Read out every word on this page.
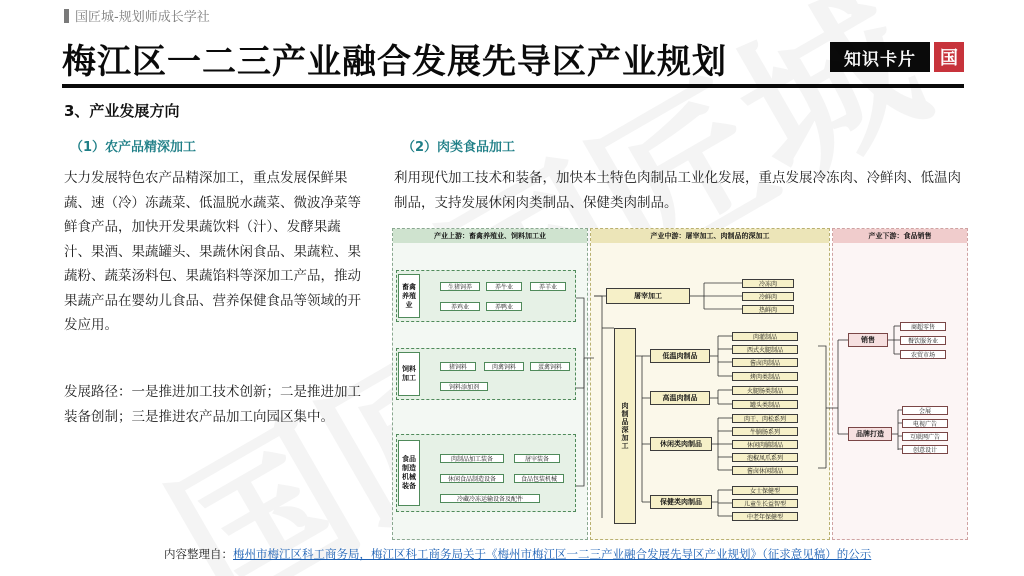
国匠城-规划师成长学社
梅江区一二三产业融合发展先导区产业规划	知识卡片	国
3、产业发展方向
（1）农产品精深加工	（2）肉类食品加工
大力发展特色农产品精深加工，重点发展保鲜果蔬、速（冷）冻蔬菜、低温脱水蔬菜、微波净菜等鲜食产品，加快开发果蔬饮料（汁）、发酵果蔬汁、果酒、果蔬罐头、果蔬休闲食品、果蔬粒、果蔬粉、蔬菜汤料包、果蔬馅料等深加工产品，推动果蔬产品在婴幼儿食品、营养保健食品等领域的开发应用。
发展路径：一是推进加工技术创新；二是推进加工装备创制；三是推进农产品加工向园区集中。
利用现代加工技术和装备，加快本土特色肉制品工业化发展，重点发展冷冻肉、冷鲜肉、低温肉制品，支持发展休闲肉类制品、保健类肉制品。
产业上游：畜禽养殖业、饲料加工业	产业中游：屠宰加工、肉制品的深加工	产业下游：食品销售
畜禽养殖业
生猪饲养	养牛业	养羊业
养鸡业	养鸭业
饲料加工
猪饲料	肉禽饲料	蛋禽饲料
饲料添加剂
食品制造机械装备
肉制品加工装备	屠宰装备
休闲食品制造设备	食品包装机械
冷藏冷冻运输设备及配件
屠宰加工
冷冻肉
冷鲜肉
热鲜肉
肉制品深加工
低温肉制品
肉灌制品
西式火腿制品
酱卤肉制品
烤肉类制品
高温肉制品
火腿肠类制品
罐头类制品
休闲类肉制品
肉干、肉松系列
牛腩肠系列
休闲肉脯制品
泡椒凤爪系列
酱卤休闲制品
保健类肉制品
女士保健型
儿童生长益智型
中老年保健型
销售
商超零售
餐饮服务业
农贸市场
品牌打造
会展
电视广告
互联网广告
创意设计
内容整理自：梅州市梅江区科工商务局，梅江区科工商务局关于《梅州市梅江区一二三产业融合发展先导区产业规划》（征求意见稿）的公示
